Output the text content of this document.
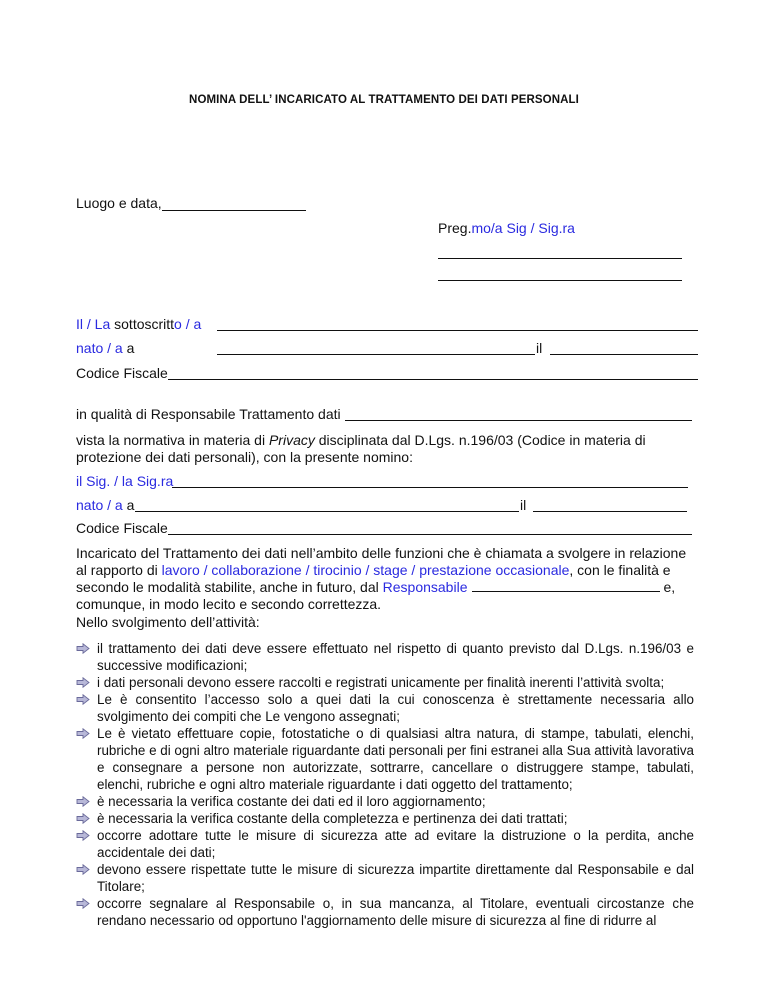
NOMINA DELL’ INCARICATO AL TRATTAMENTO DEI DATI PERSONALI
Luogo e data,
Preg.mo/a Sig / Sig.ra
Il / La sottoscritto / a
nato / a a	il
Codice Fiscale
in qualità di Responsabile Trattamento dati
vista la normativa in materia di Privacy disciplinata dal D.Lgs. n.196/03 (Codice in materia di
protezione dei dati personali), con la presente nomino:
il Sig. / la Sig.ra
nato / a a	il
Codice Fiscale
Incaricato del Trattamento dei dati nell’ambito delle funzioni che è chiamata a svolgere in relazione
al rapporto di lavoro / collaborazione / tirocinio / stage / prestazione occasionale, con le finalità e
secondo le modalità stabilite, anche in futuro, dal Responsabile	e,
comunque, in modo lecito e secondo correttezza.
Nello svolgimento dell’attività:
il trattamento dei dati deve essere effettuato nel rispetto di quanto previsto dal D.Lgs. n.196/03 e successive modificazioni;
i dati personali devono essere raccolti e registrati unicamente per finalità inerenti l’attività svolta;
Le è consentito l’accesso solo a quei dati la cui conoscenza è strettamente necessaria allo svolgimento dei compiti che Le vengono assegnati;
Le è vietato effettuare copie, fotostatiche o di qualsiasi altra natura, di stampe, tabulati, elenchi, rubriche e di ogni altro materiale riguardante dati personali per fini estranei alla Sua attività lavorativa e consegnare a persone non autorizzate, sottrarre, cancellare o distruggere stampe, tabulati, elenchi, rubriche e ogni altro materiale riguardante i dati oggetto del trattamento;
è necessaria la verifica costante dei dati ed il loro aggiornamento;
è necessaria la verifica costante della completezza e pertinenza dei dati trattati;
occorre adottare tutte le misure di sicurezza atte ad evitare la distruzione o la perdita, anche accidentale dei dati;
devono essere rispettate tutte le misure di sicurezza impartite direttamente dal Responsabile e dal Titolare;
occorre segnalare al Responsabile o, in sua mancanza, al Titolare, eventuali circostanze che rendano necessario od opportuno l'aggiornamento delle misure di sicurezza al fine di ridurre al
